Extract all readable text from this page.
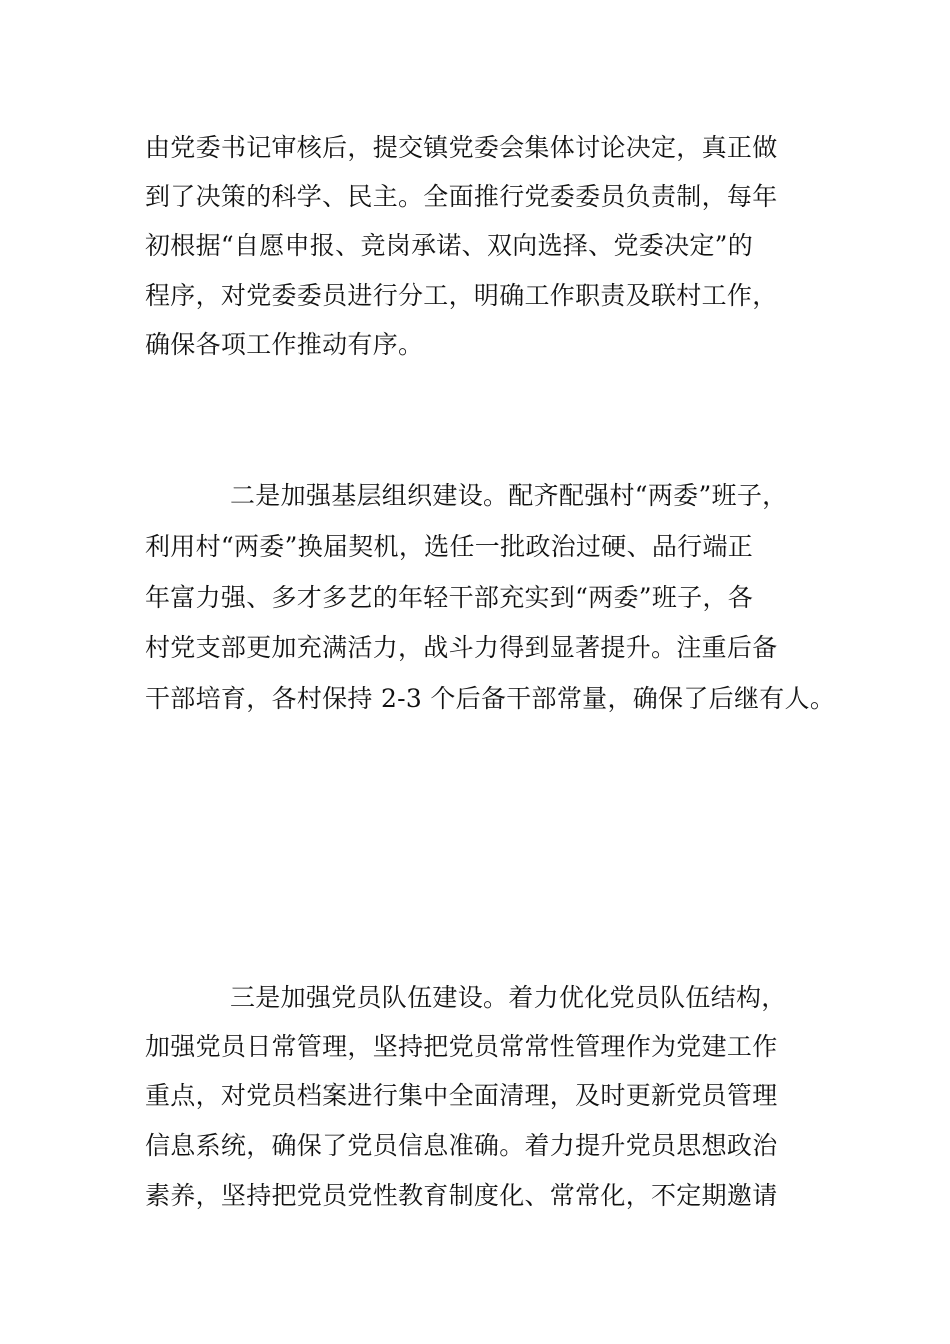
由党委书记审核后，提交镇党委会集体讨论决定，真正做

到了决策的科学、民主。全面推行党委委员负责制，每年

初根据“自愿申报、竞岗承诺、双向选择、党委决定”的

程序，对党委委员进行分工，明确工作职责及联村工作，

确保各项工作推动有序。

二是加强基层组织建设。配齐配强村“两委”班子，

利用村“两委”换届契机，选任一批政治过硬、品行端正

年富力强、多才多艺的年轻干部充实到“两委”班子，各

村党支部更加充满活力，战斗力得到显著提升。注重后备

干部培育，各村保持 2-3 个后备干部常量，确保了后继有人。

三是加强党员队伍建设。着力优化党员队伍结构，

加强党员日常管理，坚持把党员常常性管理作为党建工作

重点，对党员档案进行集中全面清理，及时更新党员管理

信息系统，确保了党员信息准确。着力提升党员思想政治

素养，坚持把党员党性教育制度化、常常化，不定期邀请
